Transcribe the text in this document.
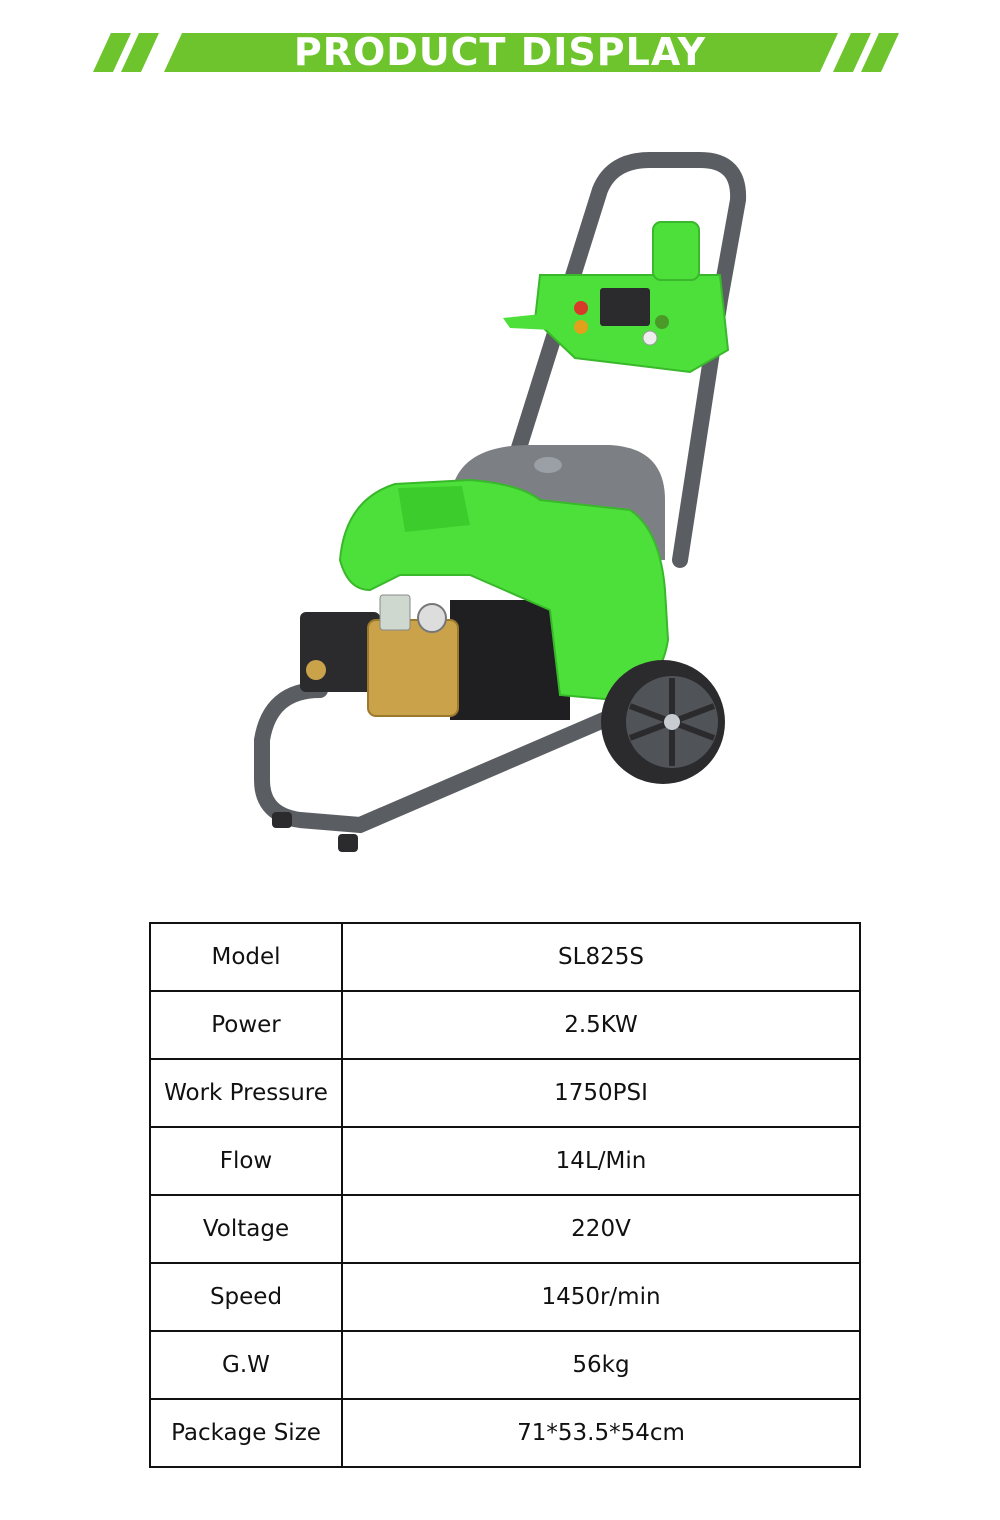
PRODUCT DISPLAY
Model	SL825S
Power	2.5KW
Work Pressure	1750PSI
Flow	14L/Min
Voltage	220V
Speed	1450r/min
G.W	56kg
Package Size	71*53.5*54cm
